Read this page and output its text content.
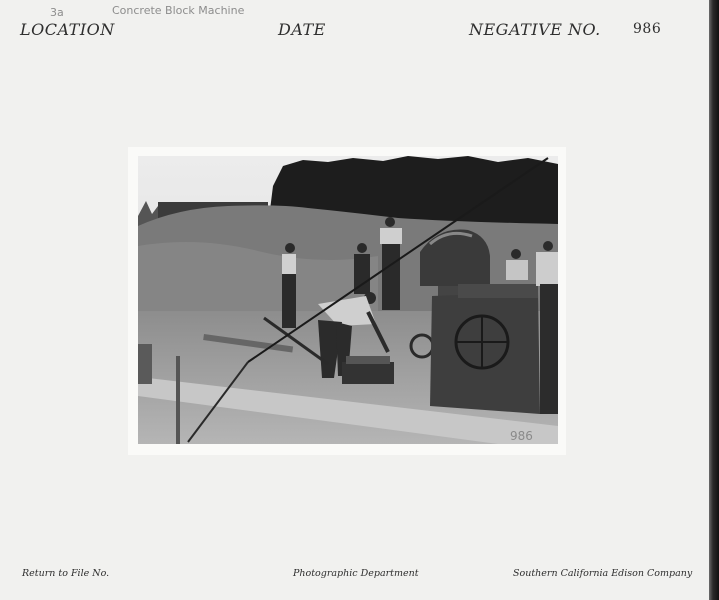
3a	Concrete Block Machine
LOCATION	DATE	NEGATIVE NO. 986
986
Return to File No.	Photographic Department	Southern California Edison Company
